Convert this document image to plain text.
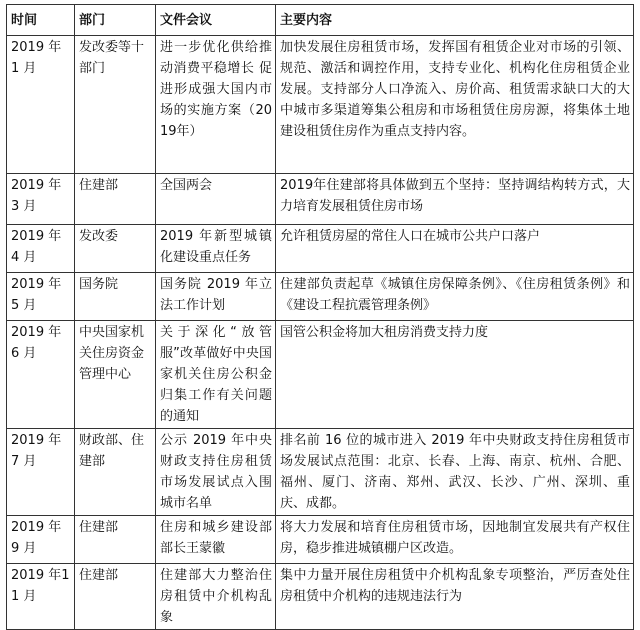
时间	部门	文件会议	主要内容
2019 年 1 月	发改委等十部门	进一步优化供给推动消费平稳增长 促进形成强大国内市场的实施方案（2019年）	加快发展住房租赁市场，发挥国有租赁企业对市场的引领、规范、激活和调控作用，支持专业化、机构化住房租赁企业发展。支持部分人口净流入、房价高、租赁需求缺口大的大中城市多渠道筹集公租房和市场租赁住房房源，将集体土地建设租赁住房作为重点支持内容。
2019 年 3 月	住建部	全国两会	2019年住建部将具体做到五个坚持：坚持调结构转方式，大力培育发展租赁住房市场
2019 年 4 月	发改委	2019 年新型城镇化建设重点任务	允许租赁房屋的常住人口在城市公共户口落户
2019 年 5 月	国务院	国务院 2019 年立法工作计划	住建部负责起草《城镇住房保障条例》、《住房租赁条例》和《建设工程抗震管理条例》
2019 年 6 月	中央国家机关住房资金管理中心	关于深化“放管服”改革做好中央国家机关住房公积金归集工作有关问题的通知	国管公积金将加大租房消费支持力度
2019 年 7 月	财政部、住建部	公示 2019 年中央财政支持住房租赁市场发展试点入围城市名单	排名前 16 位的城市进入 2019 年中央财政支持住房租赁市场发展试点范围：北京、长春、上海、南京、杭州、合肥、福州、厦门、济南、郑州、武汉、长沙、广州、深圳、重庆、成都。
2019 年 9 月	住建部	住房和城乡建设部部长王蒙徽	将大力发展和培育住房租赁市场，因地制宜发展共有产权住房，稳步推进城镇棚户区改造。
2019 年11 月	住建部	住建部大力整治住房租赁中介机构乱象	集中力量开展住房租赁中介机构乱象专项整治，严厉查处住房租赁中介机构的违规违法行为
